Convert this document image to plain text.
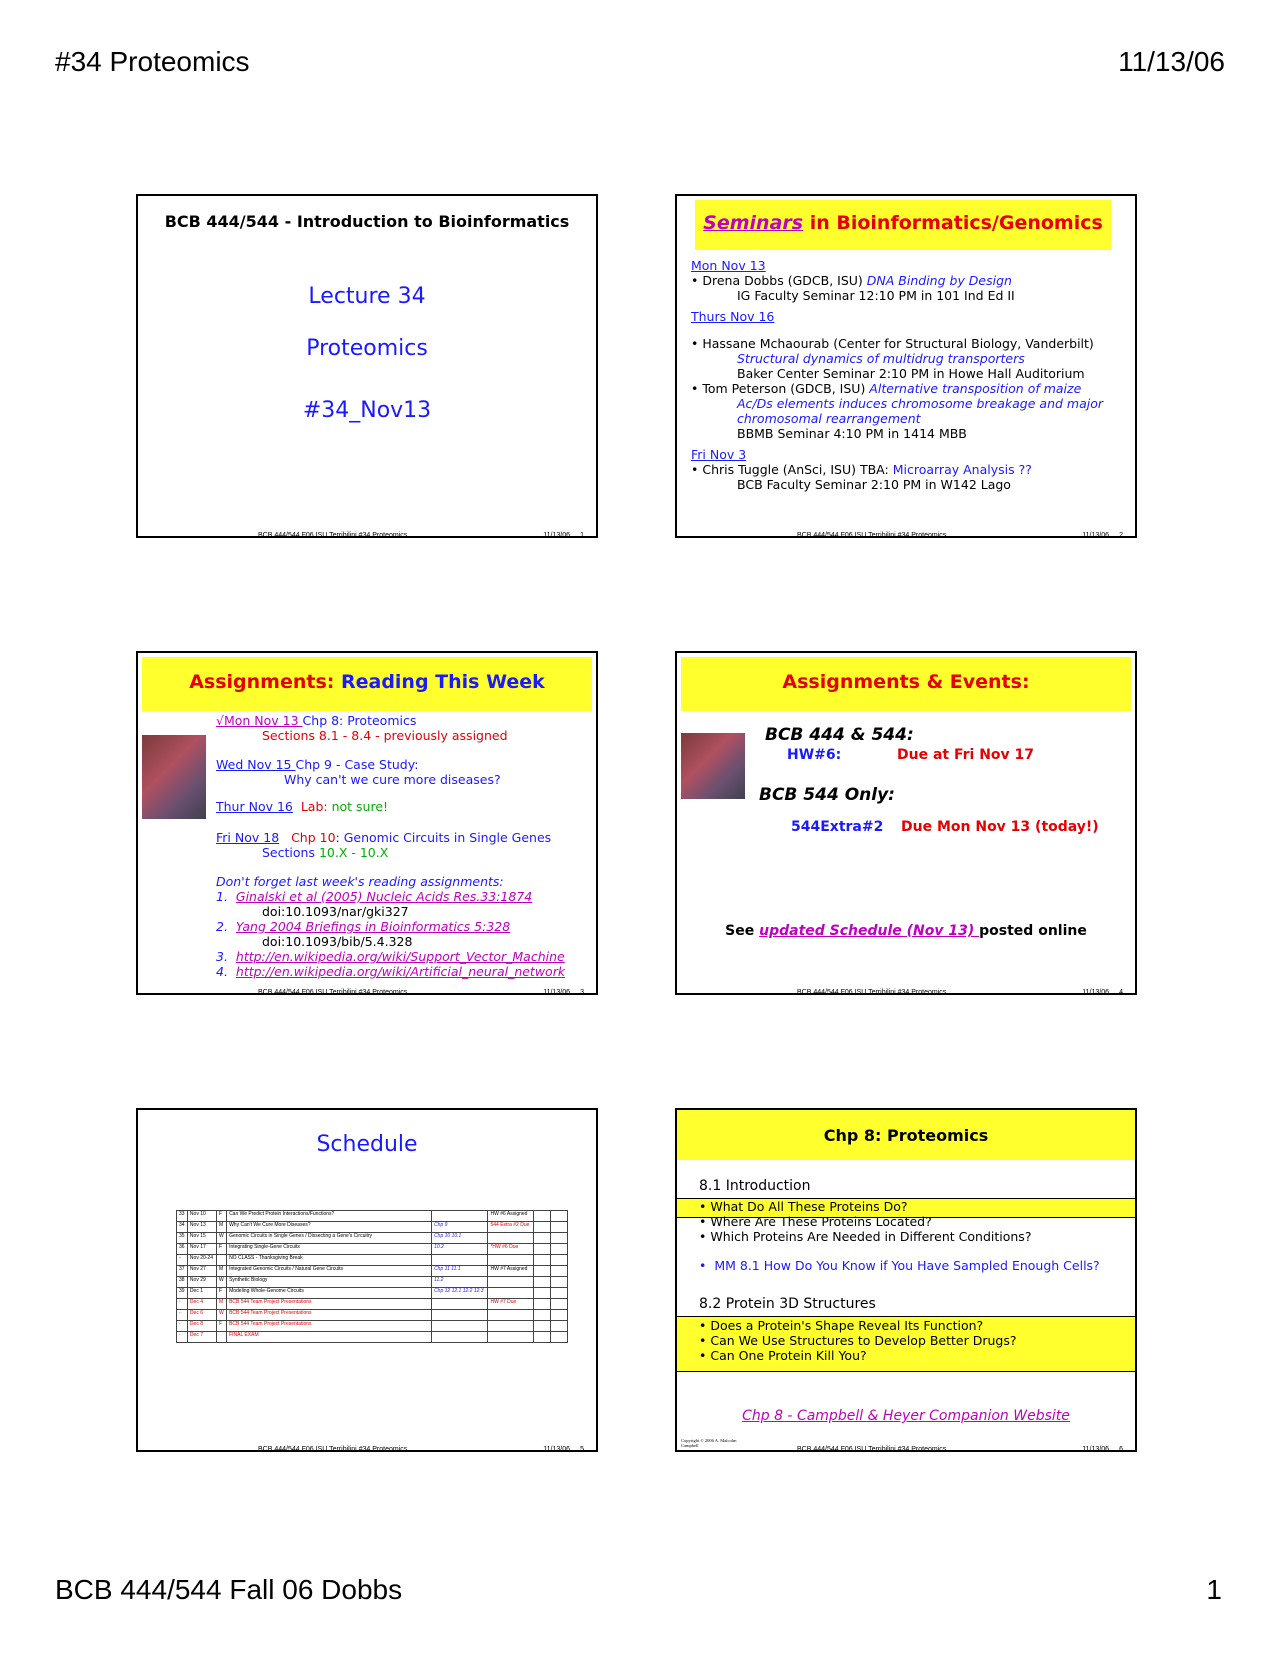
#34 Proteomics	11/13/06
BCB 444/544 Fall 06 Dobbs	1
BCB 444/544 - Introduction to Bioinformatics
Lecture 34
Proteomics
#34_Nov13
BCB 444/544 F06 ISU Terribilini #34 Proteomics	11/13/06 1
Seminars in Bioinformatics/Genomics
Mon Nov 13
• Drena Dobbs (GDCB, ISU) DNA Binding by Design
IG Faculty Seminar 12:10 PM in 101 Ind Ed II
Thurs Nov 16
• Hassane Mchaourab (Center for Structural Biology, Vanderbilt)
Structural dynamics of multidrug transporters
Baker Center Seminar 2:10 PM in Howe Hall Auditorium
• Tom Peterson (GDCB, ISU) Alternative transposition of maize
Ac/Ds elements induces chromosome breakage and major
chromosomal rearrangement
BBMB Seminar 4:10 PM in 1414 MBB
Fri Nov 3
• Chris Tuggle (AnSci, ISU) TBA: Microarray Analysis ??
BCB Faculty Seminar 2:10 PM in W142 Lago
BCB 444/544 F06 ISU Terribilini #34 Proteomics	11/13/06 2
Assignments: Reading This Week
√Mon Nov 13 Chp 8: Proteomics
Sections 8.1 - 8.4 - previously assigned
Wed Nov 15 Chp 9 - Case Study:
Why can't we cure more diseases?
Thur Nov 16 Lab: not sure!
Fri Nov 18 Chp 10: Genomic Circuits in Single Genes
Sections 10.X - 10.X
Don't forget last week's reading assignments:
1. Ginalski et al (2005) Nucleic Acids Res.33:1874
doi:10.1093/nar/gki327
2. Yang 2004 Briefings in Bioinformatics 5:328
doi:10.1093/bib/5.4.328
3. http://en.wikipedia.org/wiki/Support_Vector_Machine
4. http://en.wikipedia.org/wiki/Artificial_neural_network
BCB 444/544 F06 ISU Terribilini #34 Proteomics	11/13/06 3
Assignments & Events:
BCB 444 & 544:
HW#6:	Due at Fri Nov 17
BCB 544 Only:
544Extra#2 Due Mon Nov 13 (today!)
See updated Schedule (Nov 13) posted online
BCB 444/544 F06 ISU Terribilini #34 Proteomics	11/13/06 4
Schedule
33	Nov 10	F	Can We Predict Protein Interactions/Functions?		HW #6 Assigned		
34	Nov 13	M	Why Can't We Cure More Diseases?	Chp 9	544 Extra #2 Due		
35	Nov 15	W	Genomic Circuits in Single Genes / Dissecting a Gene's Circuitry	Chp 10 10.1			
36	Nov 17	F	Integrating Single-Gene Circuits	10.2	*HW #6 Due		
-	Nov 20-24		NO CLASS - Thanksgiving Break				
37	Nov 27	M	Integrated Genomic Circuits / Natural Gene Circuits	Chp 11 11.1	HW #7 Assigned		
38	Nov 29	W	Synthetic Biology	11.2			
39	Dec 1	F	Modeling Whole-Genome Circuits	Chp 12 12.1 12.2 12.3			
-	Dec 4	M	BCB 544 Team Project Presentations		HW #7 Due		
-	Dec 6	W	BCB 544 Team Project Presentations				
-	Dec 8	F	BCB 544 Team Project Presentations				
-	Dec 7		FINAL EXAM				
BCB 444/544 F06 ISU Terribilini #34 Proteomics	11/13/06 5
Chp 8: Proteomics
8.1 Introduction
• What Do All These Proteins Do?
• Where Are These Proteins Located?
• Which Proteins Are Needed in Different Conditions?
•  MM 8.1 How Do You Know if You Have Sampled Enough Cells?
8.2 Protein 3D Structures
• Does a Protein's Shape Reveal Its Function?
• Can We Use Structures to Develop Better Drugs?
• Can One Protein Kill You?
Chp 8 - Campbell & Heyer Companion Website
Copyright © 2006 A. Malcolm Campbell
BCB 444/544 F06 ISU Terribilini #34 Proteomics	11/13/06 6
